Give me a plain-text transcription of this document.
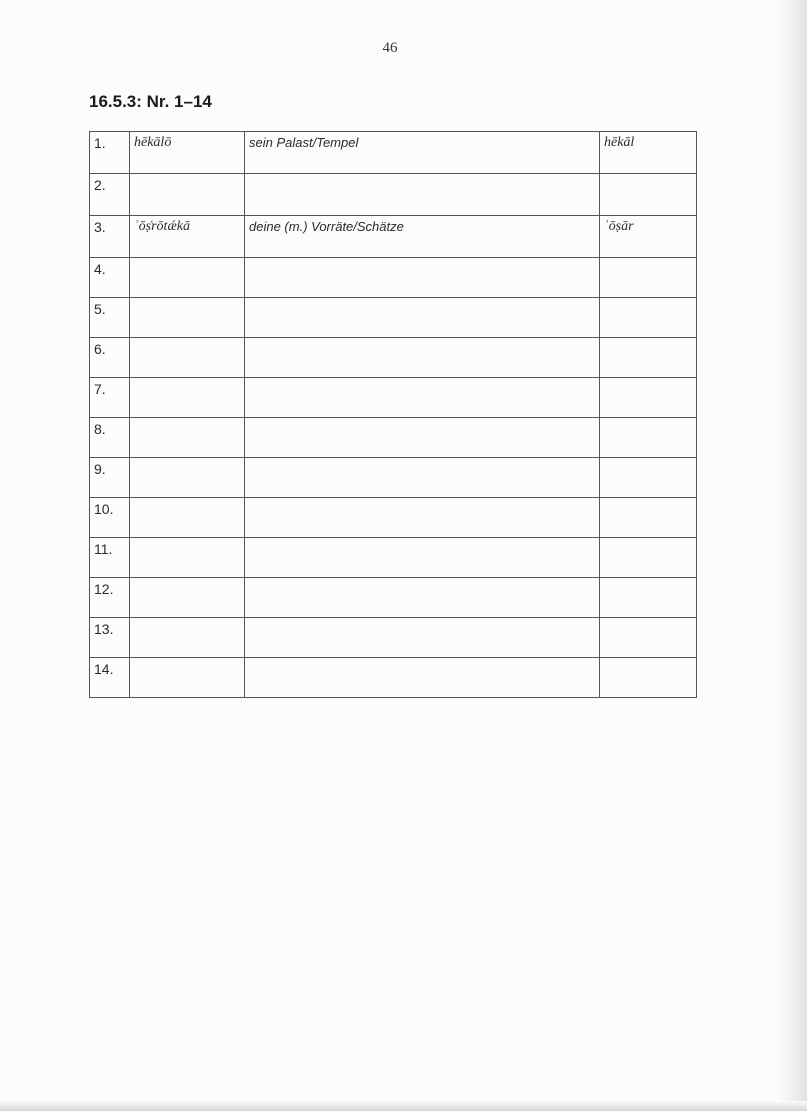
46
16.5.3: Nr. 1–14
1.	hēkālō	sein Palast/Tempel	hēkāl
2.			
3.	ʾōṣ͑rōtǽkā	deine (m.) Vorräte/Schätze	ʾōṣār
4.			
5.			
6.			
7.			
8.			
9.			
10.			
11.			
12.			
13.			
14.			
